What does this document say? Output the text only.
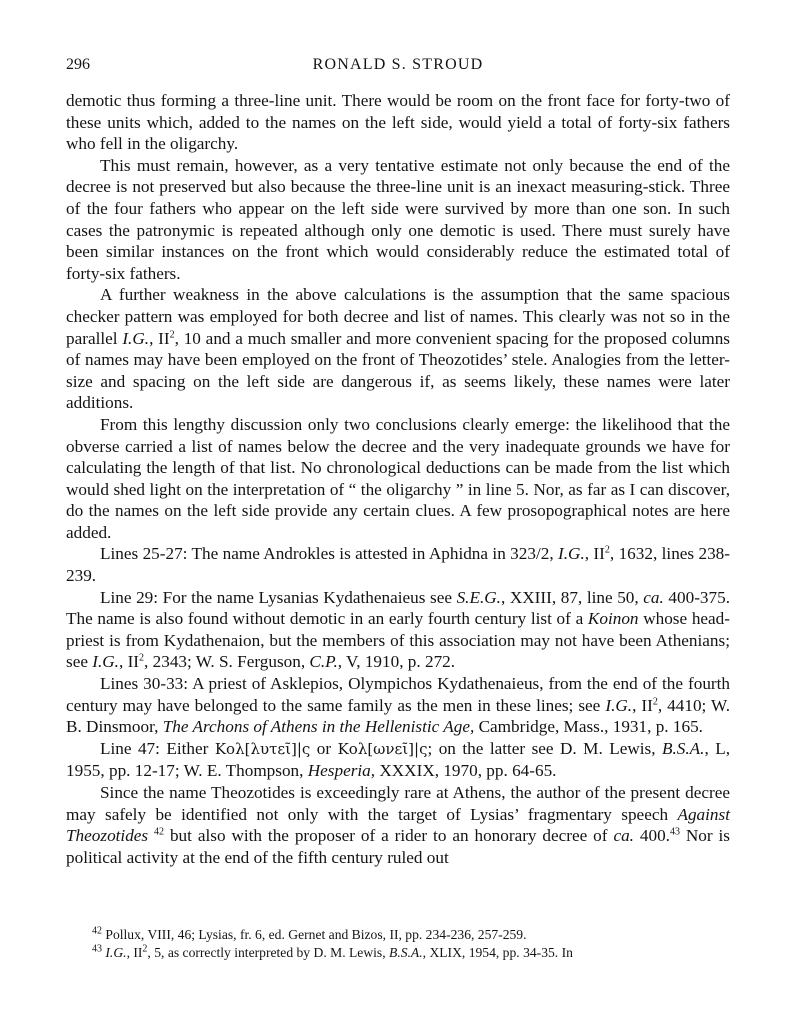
296	RONALD S. STROUD

demotic thus forming a three-line unit. There would be room on the front face for forty-two of these units which, added to the names on the left side, would yield a total of forty-six fathers who fell in the oligarchy.

This must remain, however, as a very tentative estimate not only because the end of the decree is not preserved but also because the three-line unit is an inexact measuring-stick. Three of the four fathers who appear on the left side were survived by more than one son. In such cases the patronymic is repeated although only one demotic is used. There must surely have been similar instances on the front which would considerably reduce the estimated total of forty-six fathers.

A further weakness in the above calculations is the assumption that the same spacious checker pattern was employed for both decree and list of names. This clearly was not so in the parallel I.G., $II^2$, 10 and a much smaller and more convenient spacing for the proposed columns of names may have been employed on the front of Theozotides’ stele. Analogies from the letter-size and spacing on the left side are dangerous if, as seems likely, these names were later additions.

From this lengthy discussion only two conclusions clearly emerge: the likelihood that the obverse carried a list of names below the decree and the very inadequate grounds we have for calculating the length of that list. No chronological deductions can be made from the list which would shed light on the interpretation of “ the oligarchy ” in line 5. Nor, as far as I can discover, do the names on the left side provide any certain clues. A few prosopographical notes are here added.

Lines 25-27: The name Androkles is attested in Aphidna in 323/2, I.G., $II^2$, 1632, lines 238-239.

Line 29: For the name Lysanias Kydathenaieus see S.E.G., XXIII, 87, line 50, ca. 400-375. The name is also found without demotic in an early fourth century list of a Koinon whose head-priest is from Kydathenaion, but the members of this association may not have been Athenians; see I.G., $II^2$, 2343; W. S. Ferguson, C.P., V, 1910, p. 272.

Lines 30-33: A priest of Asklepios, Olympichos Kydathenaieus, from the end of the fourth century may have belonged to the same family as the men in these lines; see I.G., $II^2$, 4410; W. B. Dinsmoor, The Archons of Athens in the Hellenistic Age, Cambridge, Mass., 1931, p. 165.

Line 47: Either Κολ[λυτεῖ]|ς or Κολ[ωνεῖ]|ς; on the latter see D. M. Lewis, B.S.A., L, 1955, pp. 12-17; W. E. Thompson, Hesperia, XXXIX, 1970, pp. 64-65.

Since the name Theozotides is exceedingly rare at Athens, the author of the present decree may safely be identified not only with the target of Lysias’ fragmentary speech Against Theozotides $^{42}$ but also with the proposer of a rider to an honorary decree of ca. 400.43 Nor is political activity at the end of the fifth century ruled out

$^{42}$ Pollux, VIII, 46; Lysias, fr. 6, ed. Gernet and Bizos, II, pp. 234-236, 257-259.

$^{43}$ I.G., $II^2$, 5, as correctly interpreted by D. M. Lewis, B.S.A., XLIX, 1954, pp. 34-35. In
